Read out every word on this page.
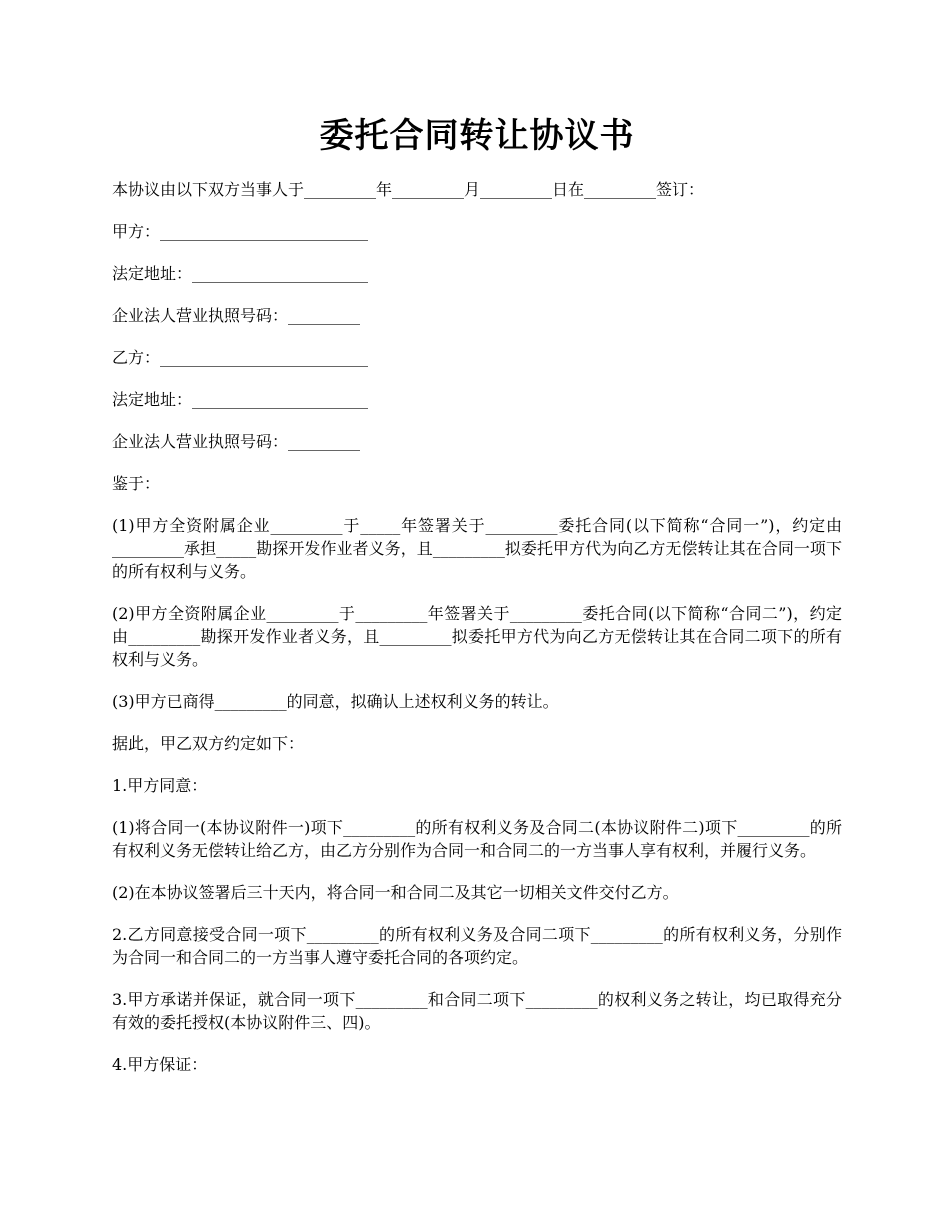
委托合同转让协议书

本协议由以下双方当事人于_________年_________月_________日在_________签订：

甲方：__________________________

法定地址：______________________

企业法人营业执照号码：_________

乙方：__________________________

法定地址：______________________

企业法人营业执照号码：_________

鉴于：

(1)甲方全资附属企业_________于_____年签署关于_________委托合同(以下简称“合同一”)，约定由_________承担_____勘探开发作业者义务，且_________拟委托甲方代为向乙方无偿转让其在合同一项下的所有权利与义务。

(2)甲方全资附属企业_________于_________年签署关于_________委托合同(以下简称“合同二”)，约定由_________勘探开发作业者义务，且_________拟委托甲方代为向乙方无偿转让其在合同二项下的所有权利与义务。

(3)甲方已商得_________的同意，拟确认上述权利义务的转让。

据此，甲乙双方约定如下：

1.甲方同意：

(1)将合同一(本协议附件一)项下_________的所有权利义务及合同二(本协议附件二)项下_________的所有权利义务无偿转让给乙方，由乙方分别作为合同一和合同二的一方当事人享有权利，并履行义务。

(2)在本协议签署后三十天内，将合同一和合同二及其它一切相关文件交付乙方。

2.乙方同意接受合同一项下_________的所有权利义务及合同二项下_________的所有权利义务，分别作为合同一和合同二的一方当事人遵守委托合同的各项约定。

3.甲方承诺并保证，就合同一项下_________和合同二项下_________的权利义务之转让，均已取得充分有效的委托授权(本协议附件三、四)。

4.甲方保证：
